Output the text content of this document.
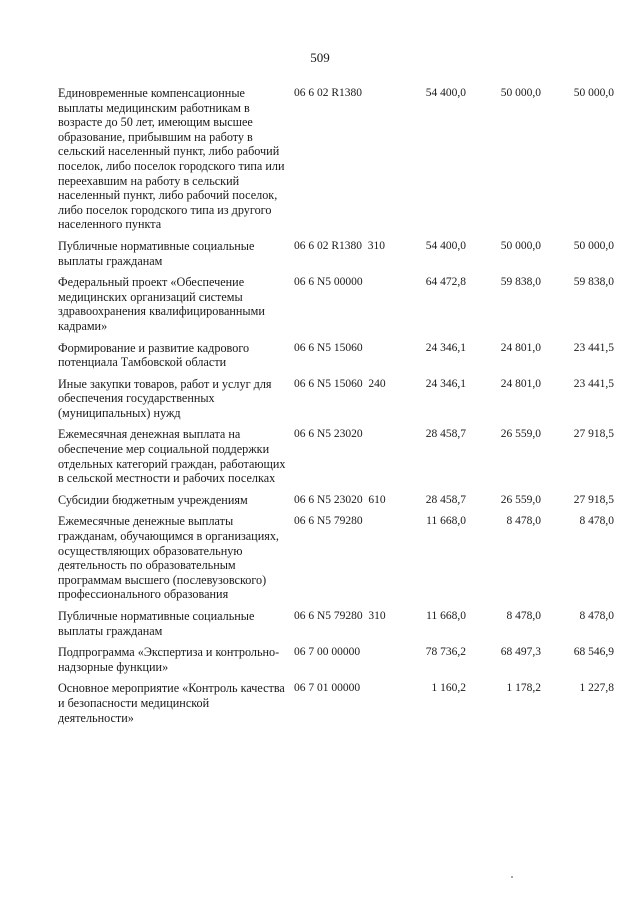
509
Единовременные компенсационные выплаты медицинским работникам в возрасте до 50 лет, имеющим высшее образование, прибывшим на работу в сельский населенный пункт, либо рабочий поселок, либо поселок городского типа или переехавшим на работу в сельский населенный пункт, либо рабочий поселок, либо поселок городского типа из другого населенного пункта
06 6 02 R1380	54 400,0	50 000,0	50 000,0
Публичные нормативные социальные выплаты гражданам
06 6 02 R1380  310	54 400,0	50 000,0	50 000,0
Федеральный проект «Обеспечение медицинских организаций системы здравоохранения квалифицированными кадрами»
06 6 N5 00000	64 472,8	59 838,0	59 838,0
Формирование и развитие кадрового потенциала Тамбовской области
06 6 N5 15060	24 346,1	24 801,0	23 441,5
Иные закупки товаров, работ и услуг для обеспечения государственных (муниципальных) нужд
06 6 N5 15060  240	24 346,1	24 801,0	23 441,5
Ежемесячная денежная выплата на обеспечение мер социальной поддержки отдельных категорий граждан, работающих в сельской местности и рабочих поселках
06 6 N5 23020	28 458,7	26 559,0	27 918,5
Субсидии бюджетным учреждениям	06 6 N5 23020  610	28 458,7	26 559,0	27 918,5
Ежемесячные денежные выплаты гражданам, обучающимся в организациях, осуществляющих образовательную деятельность по образовательным программам высшего (послевузовского) профессионального образования
06 6 N5 79280	11 668,0	8 478,0	8 478,0
Публичные нормативные социальные выплаты гражданам
06 6 N5 79280  310	11 668,0	8 478,0	8 478,0
Подпрограмма «Экспертиза и контрольно-надзорные функции»
06 7 00 00000	78 736,2	68 497,3	68 546,9
Основное мероприятие «Контроль качества и безопасности медицинской деятельности»
06 7 01 00000	1 160,2	1 178,2	1 227,8
